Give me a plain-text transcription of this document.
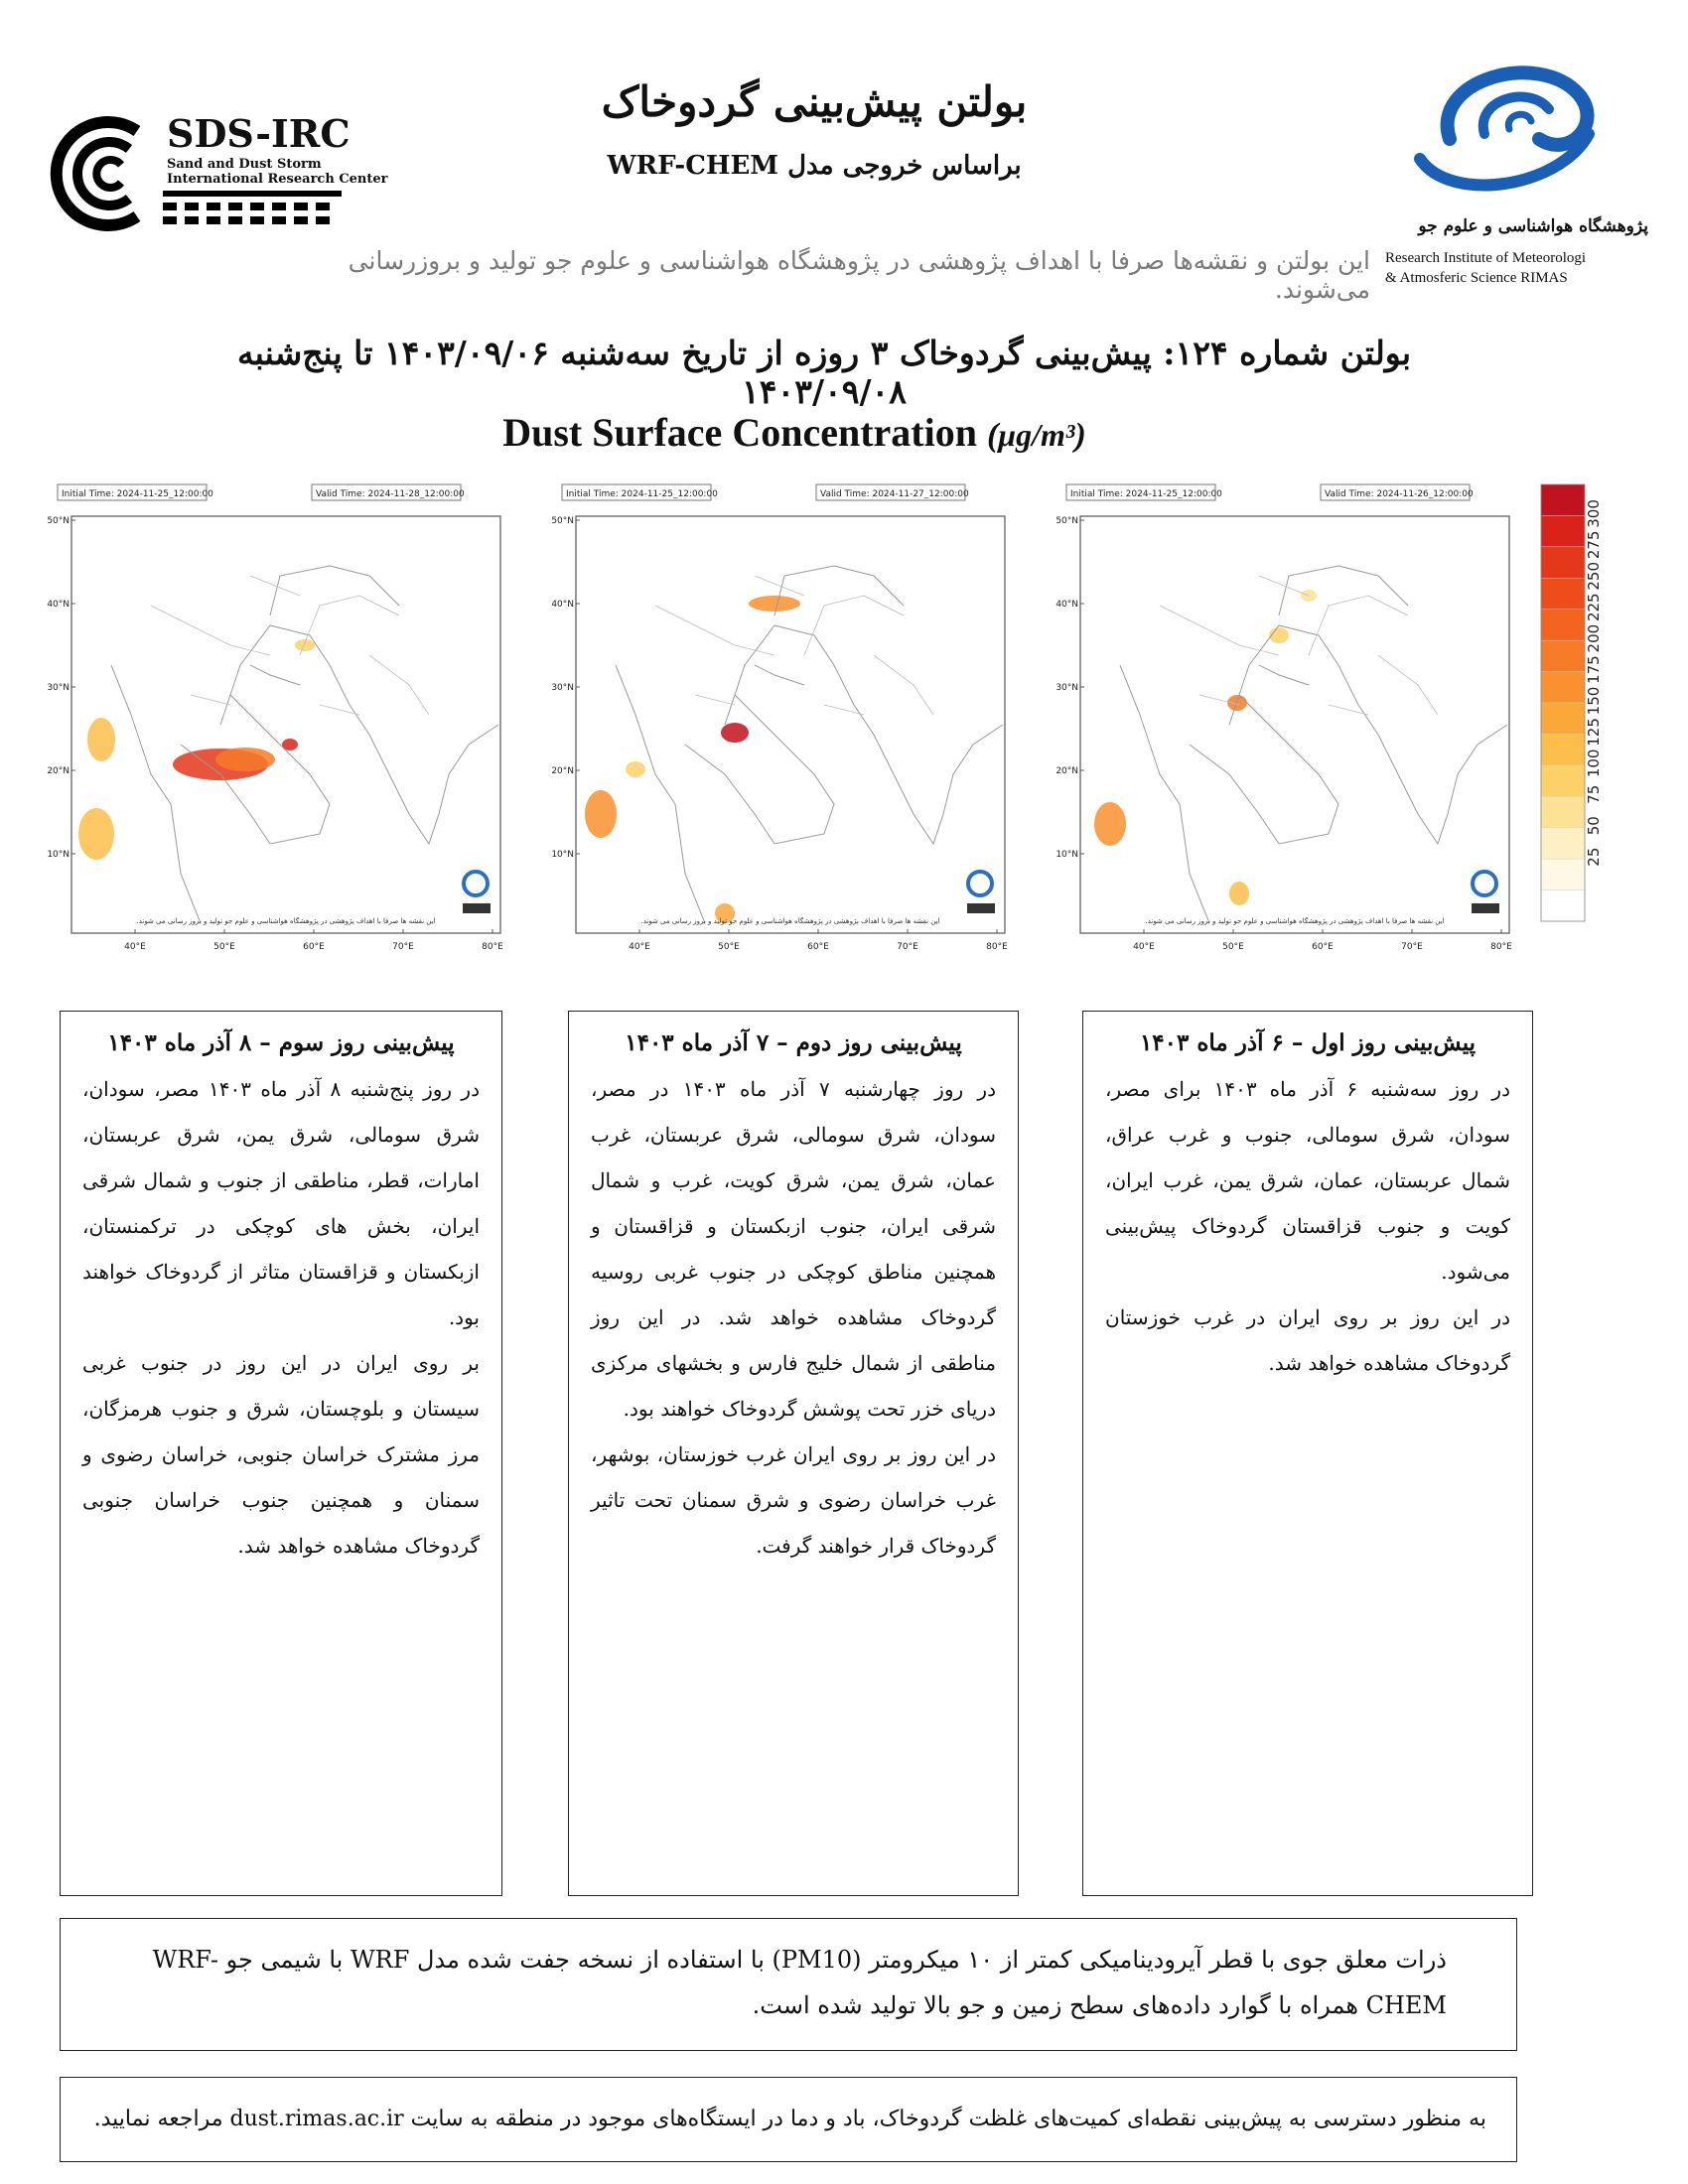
SDS-IRC
Sand and Dust Storm
International Research Center
بولتن پیش‌بینی گردوخاک
براساس خروجی مدل WRF-CHEM
پژوهشگاه هواشناسی و علوم جو
Research Institute of Meteorologi
& Atmosferic Science RIMAS
این بولتن و نقشه‌ها صرفا با اهداف پژوهشی در پژوهشگاه هواشناسی و علوم جو تولید و بروزرسانی می‌شوند.
بولتن شماره ۱۲۴: پیش‌بینی گردوخاک ۳ روزه از تاریخ سه‌شنبه ۱۴۰۳/۰۹/۰۶ تا پنج‌شنبه ۱۴۰۳/۰۹/۰۸
Dust Surface Concentration (μg/m³)
Initial Time: 2024-11-25_12:00:00	Valid Time: 2024-11-28_12:00:00
50°N
40°N
30°N
20°N
10°N
40°E	50°E	60°E	70°E	80°E
این نقشه ها صرفا با اهداف پژوهشی در پژوهشگاه هواشناسی و علوم جو تولید و بروز رسانی می شوند.
Initial Time: 2024-11-25_12:00:00	Valid Time: 2024-11-27_12:00:00
50°N
40°N
30°N
20°N
10°N
40°E	50°E	60°E	70°E	80°E
این نقشه ها صرفا با اهداف پژوهشی در پژوهشگاه هواشناسی و علوم جو تولید و بروز رسانی می شوند.
Initial Time: 2024-11-25_12:00:00	Valid Time: 2024-11-26_12:00:00
50°N
40°N
30°N
20°N
10°N
40°E	50°E	60°E	70°E	80°E
این نقشه ها صرفا با اهداف پژوهشی در پژوهشگاه هواشناسی و علوم جو تولید و بروز رسانی می شوند.
300
275
250
225
200
175
150
125
100
75
50
25
پیش‌بینی روز سوم – ۸ آذر ماه ۱۴۰۳

در روز پنج‌شنبه ۸ آذر ماه ۱۴۰۳ مصر، سودان، شرق سومالی، شرق یمن، شرق عربستان، امارات، قطر، مناطقی از جنوب و شمال شرقی ایران، بخش های کوچکی در ترکمنستان، ازبکستان و قزاقستان متاثر از گردوخاک خواهند بود.

بر روی ایران در این روز در جنوب غربی سیستان و بلوچستان، شرق و جنوب هرمزگان، مرز مشترک خراسان جنوبی، خراسان رضوی و سمنان و همچنین جنوب خراسان جنوبی گردوخاک مشاهده خواهد شد.

پیش‌بینی روز دوم – ۷ آذر ماه ۱۴۰۳

در روز چهارشنبه ۷ آذر ماه ۱۴۰۳ در مصر، سودان، شرق سومالی، شرق عربستان، غرب عمان، شرق یمن، شرق کویت، غرب و شمال شرقی ایران، جنوب ازبکستان و قزاقستان و همچنین مناطق کوچکی در جنوب غربی روسیه گردوخاک مشاهده خواهد شد. در این روز مناطقی از شمال خلیج فارس و بخشهای مرکزی دریای خزر تحت پوشش گردوخاک خواهند بود.

در این روز بر روی ایران غرب خوزستان، بوشهر، غرب خراسان رضوی و شرق سمنان تحت تاثیر گردوخاک قرار خواهند گرفت.

پیش‌بینی روز اول – ۶ آذر ماه ۱۴۰۳

در روز سه‌شنبه ۶ آذر ماه ۱۴۰۳ برای مصر، سودان، شرق سومالی، جنوب و غرب عراق، شمال عربستان، عمان، شرق یمن، غرب ایران، کویت و جنوب قزاقستان گردوخاک پیش‌بینی می‌شود.

در این روز بر روی ایران در غرب خوزستان گردوخاک مشاهده خواهد شد.

ذرات معلق جوی با قطر آیرودینامیکی کمتر از ۱۰ میکرومتر (PM10) با استفاده از نسخه جفت شده مدل WRF با شیمی جو WRF-CHEM همراه با گوارد داده‌های سطح زمین و جو بالا تولید شده است.
به منظور دسترسی به پیش‌بینی نقطه‌ای کمیت‌های غلظت گردوخاک، باد و دما در ایستگاه‌های موجود در منطقه به سایت dust.rimas.ac.ir مراجعه نمایید.
